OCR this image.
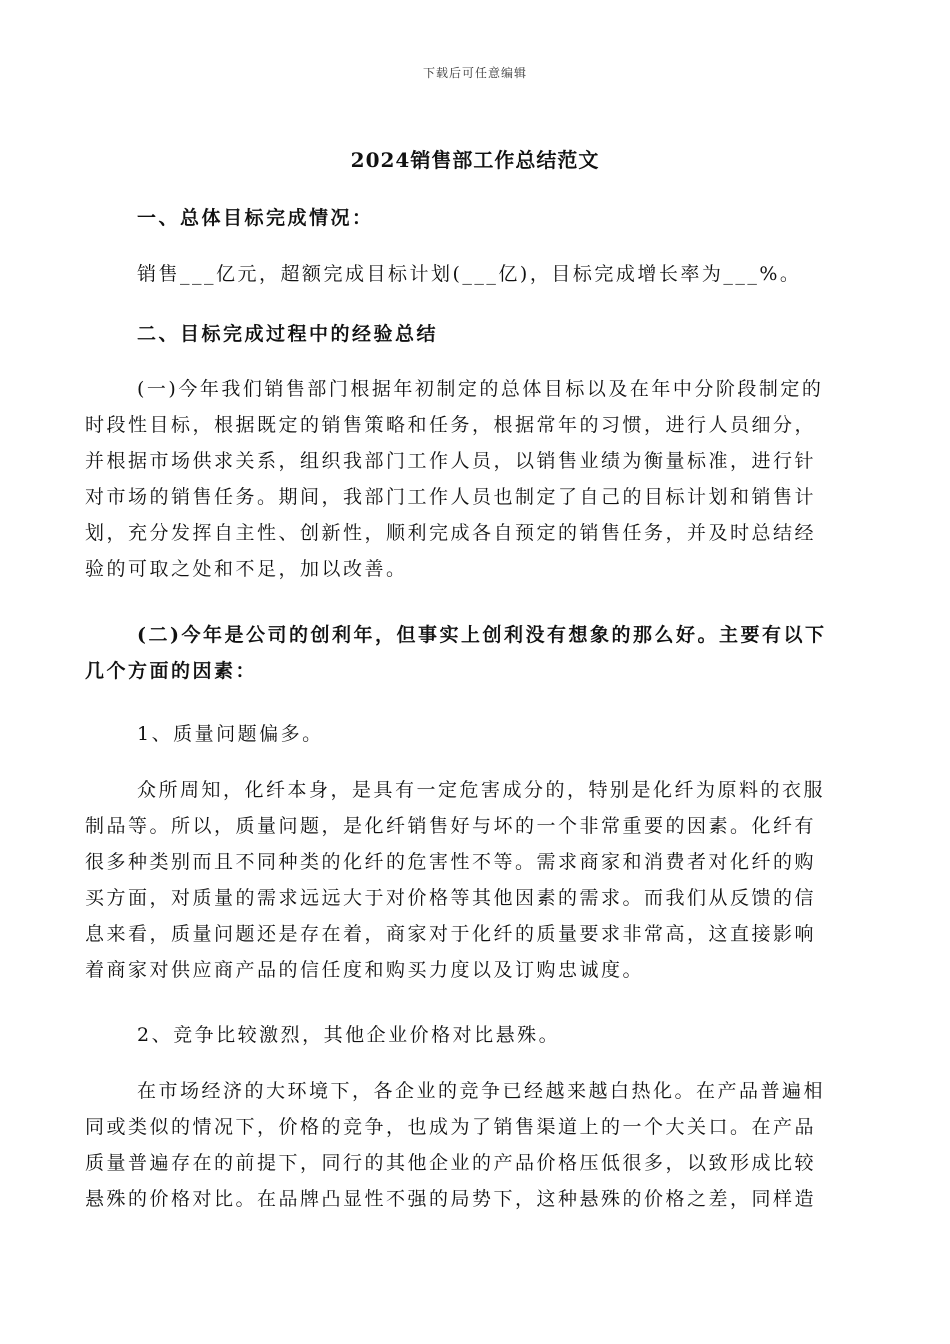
下载后可任意编辑
2024销售部工作总结范文
一、总体目标完成情况：
销售___亿元，超额完成目标计划(___亿)，目标完成增长率为___%。
二、目标完成过程中的经验总结
(一)今年我们销售部门根据年初制定的总体目标以及在年中分阶段制定的
时段性目标，根据既定的销售策略和任务，根据常年的习惯，进行人员细分，
并根据市场供求关系，组织我部门工作人员，以销售业绩为衡量标准，进行针
对市场的销售任务。期间，我部门工作人员也制定了自己的目标计划和销售计
划，充分发挥自主性、创新性，顺利完成各自预定的销售任务，并及时总结经
验的可取之处和不足，加以改善。
(二)今年是公司的创利年，但事实上创利没有想象的那么好。主要有以下
几个方面的因素：
1、质量问题偏多。
众所周知，化纤本身，是具有一定危害成分的，特别是化纤为原料的衣服
制品等。所以，质量问题，是化纤销售好与坏的一个非常重要的因素。化纤有
很多种类别而且不同种类的化纤的危害性不等。需求商家和消费者对化纤的购
买方面，对质量的需求远远大于对价格等其他因素的需求。而我们从反馈的信
息来看，质量问题还是存在着，商家对于化纤的质量要求非常高，这直接影响
着商家对供应商产品的信任度和购买力度以及订购忠诚度。
2、竞争比较激烈，其他企业价格对比悬殊。
在市场经济的大环境下，各企业的竞争已经越来越白热化。在产品普遍相
同或类似的情况下，价格的竞争，也成为了销售渠道上的一个大关口。在产品
质量普遍存在的前提下，同行的其他企业的产品价格压低很多，以致形成比较
悬殊的价格对比。在品牌凸显性不强的局势下，这种悬殊的价格之差，同样造
